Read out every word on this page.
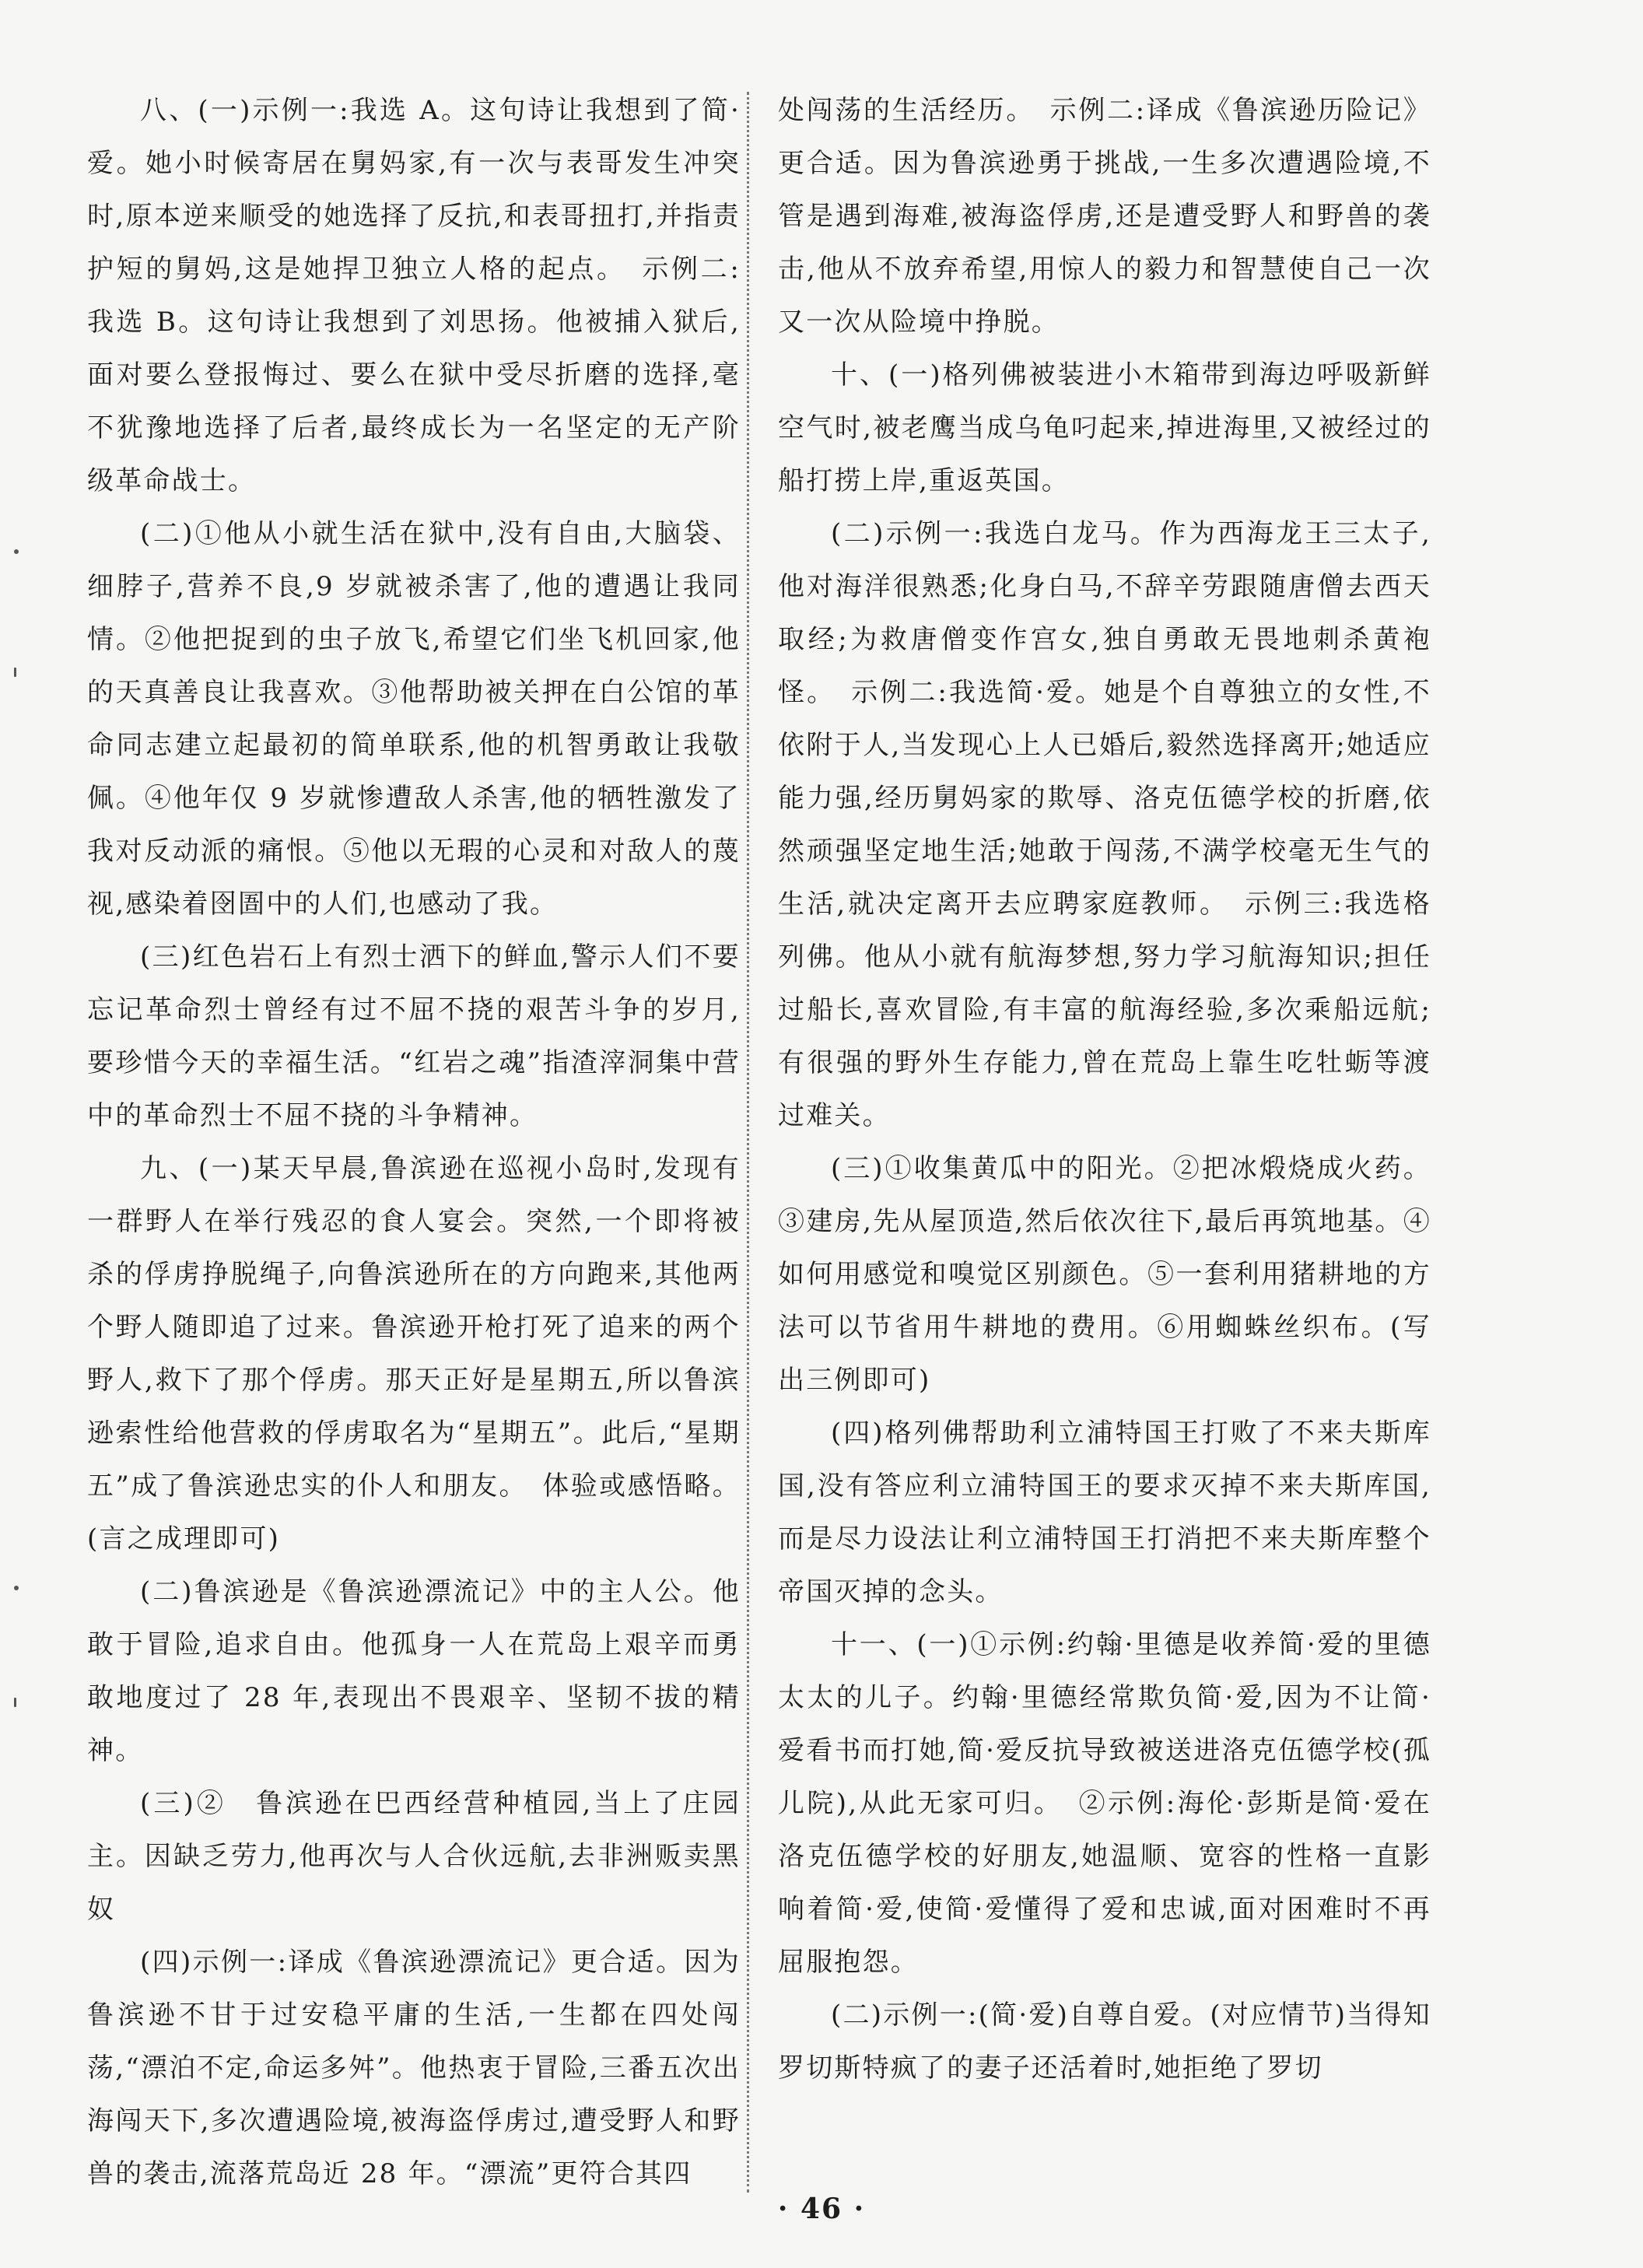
八、(一)示例一:我选 A。这句诗让我想到了简·爱。她小时候寄居在舅妈家,有一次与表哥发生冲突时,原本逆来顺受的她选择了反抗,和表哥扭打,并指责护短的舅妈,这是她捍卫独立人格的起点。　示例二:我选 B。这句诗让我想到了刘思扬。他被捕入狱后,面对要么登报悔过、要么在狱中受尽折磨的选择,毫不犹豫地选择了后者,最终成长为一名坚定的无产阶级革命战士。

(二)①他从小就生活在狱中,没有自由,大脑袋、细脖子,营养不良,9 岁就被杀害了,他的遭遇让我同情。②他把捉到的虫子放飞,希望它们坐飞机回家,他的天真善良让我喜欢。③他帮助被关押在白公馆的革命同志建立起最初的简单联系,他的机智勇敢让我敬佩。④他年仅 9 岁就惨遭敌人杀害,他的牺牲激发了我对反动派的痛恨。⑤他以无瑕的心灵和对敌人的蔑视,感染着囹圄中的人们,也感动了我。

(三)红色岩石上有烈士洒下的鲜血,警示人们不要忘记革命烈士曾经有过不屈不挠的艰苦斗争的岁月,要珍惜今天的幸福生活。“红岩之魂”指渣滓洞集中营中的革命烈士不屈不挠的斗争精神。

九、(一)某天早晨,鲁滨逊在巡视小岛时,发现有一群野人在举行残忍的食人宴会。突然,一个即将被杀的俘虏挣脱绳子,向鲁滨逊所在的方向跑来,其他两个野人随即追了过来。鲁滨逊开枪打死了追来的两个野人,救下了那个俘虏。那天正好是星期五,所以鲁滨逊索性给他营救的俘虏取名为“星期五”。此后,“星期五”成了鲁滨逊忠实的仆人和朋友。　体验或感悟略。(言之成理即可)

(二)鲁滨逊是《鲁滨逊漂流记》中的主人公。他敢于冒险,追求自由。他孤身一人在荒岛上艰辛而勇敢地度过了 28 年,表现出不畏艰辛、坚韧不拔的精神。

(三)②　鲁滨逊在巴西经营种植园,当上了庄园主。因缺乏劳力,他再次与人合伙远航,去非洲贩卖黑奴

(四)示例一:译成《鲁滨逊漂流记》更合适。因为鲁滨逊不甘于过安稳平庸的生活,一生都在四处闯荡,“漂泊不定,命运多舛”。他热衷于冒险,三番五次出海闯天下,多次遭遇险境,被海盗俘虏过,遭受野人和野兽的袭击,流落荒岛近 28 年。“漂流”更符合其四

处闯荡的生活经历。　示例二:译成《鲁滨逊历险记》更合适。因为鲁滨逊勇于挑战,一生多次遭遇险境,不管是遇到海难,被海盗俘虏,还是遭受野人和野兽的袭击,他从不放弃希望,用惊人的毅力和智慧使自己一次又一次从险境中挣脱。

十、(一)格列佛被装进小木箱带到海边呼吸新鲜空气时,被老鹰当成乌龟叼起来,掉进海里,又被经过的船打捞上岸,重返英国。

(二)示例一:我选白龙马。作为西海龙王三太子,他对海洋很熟悉;化身白马,不辞辛劳跟随唐僧去西天取经;为救唐僧变作宫女,独自勇敢无畏地刺杀黄袍怪。　示例二:我选简·爱。她是个自尊独立的女性,不依附于人,当发现心上人已婚后,毅然选择离开;她适应能力强,经历舅妈家的欺辱、洛克伍德学校的折磨,依然顽强坚定地生活;她敢于闯荡,不满学校毫无生气的生活,就决定离开去应聘家庭教师。　示例三:我选格列佛。他从小就有航海梦想,努力学习航海知识;担任过船长,喜欢冒险,有丰富的航海经验,多次乘船远航;有很强的野外生存能力,曾在荒岛上靠生吃牡蛎等渡过难关。

(三)①收集黄瓜中的阳光。②把冰煅烧成火药。③建房,先从屋顶造,然后依次往下,最后再筑地基。④如何用感觉和嗅觉区别颜色。⑤一套利用猪耕地的方法可以节省用牛耕地的费用。⑥用蜘蛛丝织布。(写出三例即可)

(四)格列佛帮助利立浦特国王打败了不来夫斯库国,没有答应利立浦特国王的要求灭掉不来夫斯库国,而是尽力设法让利立浦特国王打消把不来夫斯库整个帝国灭掉的念头。

十一、(一)①示例:约翰·里德是收养简·爱的里德太太的儿子。约翰·里德经常欺负简·爱,因为不让简·爱看书而打她,简·爱反抗导致被送进洛克伍德学校(孤儿院),从此无家可归。　②示例:海伦·彭斯是简·爱在洛克伍德学校的好朋友,她温顺、宽容的性格一直影响着简·爱,使简·爱懂得了爱和忠诚,面对困难时不再屈服抱怨。

(二)示例一:(简·爱)自尊自爱。(对应情节)当得知罗切斯特疯了的妻子还活着时,她拒绝了罗切

· 46 ·
